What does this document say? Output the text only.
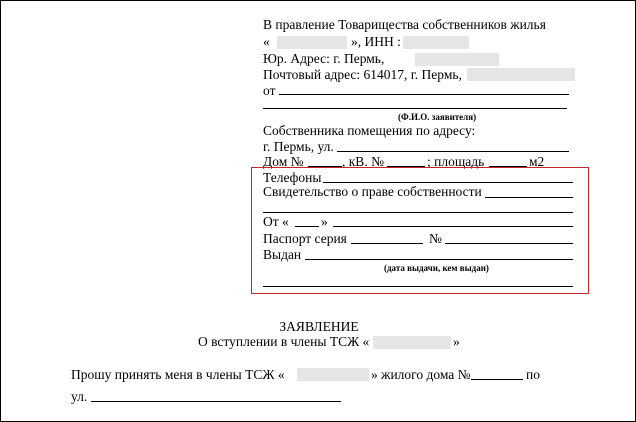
В правление Товарищества собственников жилья
«	», ИНН :
Юр. Адрес: г. Пермь,
Почтовый адрес: 614017, г. Пермь,
от
(Ф.И.О. заявителя)
Собственника помещения по адресу:
г. Пермь, ул.
Дом №	, кВ. №	; площадь	м2
Телефоны
Свидетельство о праве собственности
От « »
Паспорт серия	№
Выдан
(дата выдачи, кем выдан)
ЗАЯВЛЕНИЕ
О вступлении в члены ТСЖ «	»
Прошу принять меня в члены ТСЖ «	» жилого дома №	по
ул.
